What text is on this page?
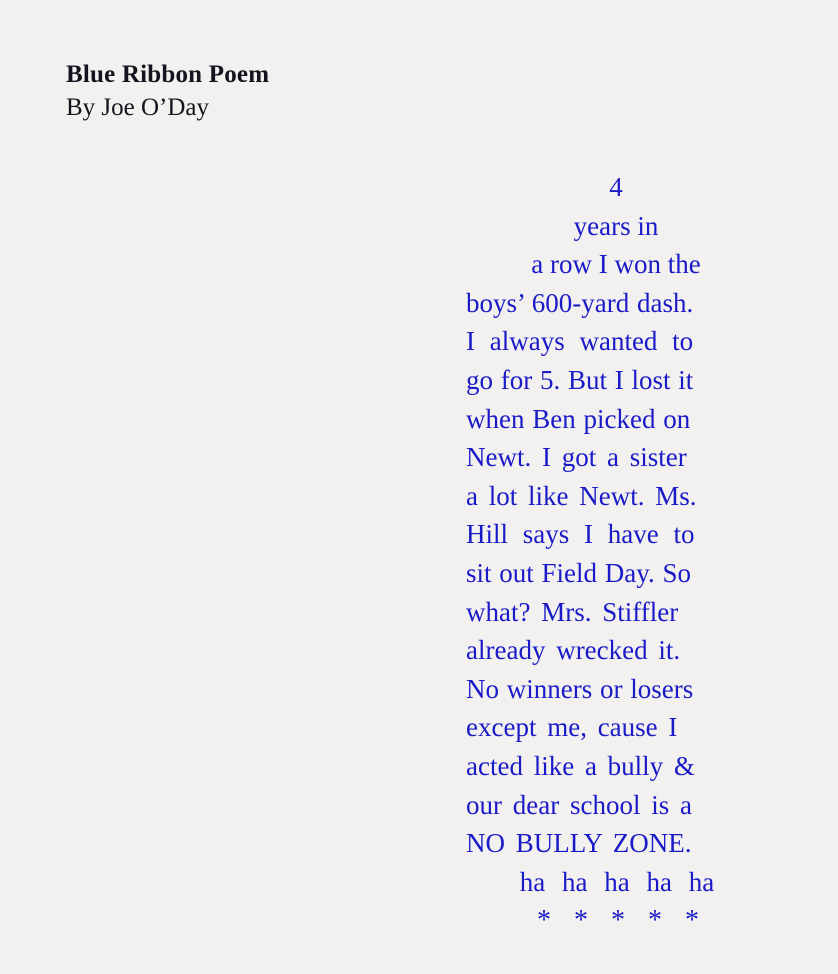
Blue Ribbon Poem
By Joe O’Day
4
years in
a row I won the
boys’ 600-yard dash.
I always wanted to
go for 5. But I lost it
when Ben picked on
Newt. I got a sister
a lot like Newt. Ms.
Hill says I have to
sit out Field Day. So
what? Mrs. Stiffler
already wrecked it.
No winners or losers
except me, cause I
acted like a bully &
our dear school is a
NO BULLY ZONE.
ha ha ha ha ha
* * * * *
